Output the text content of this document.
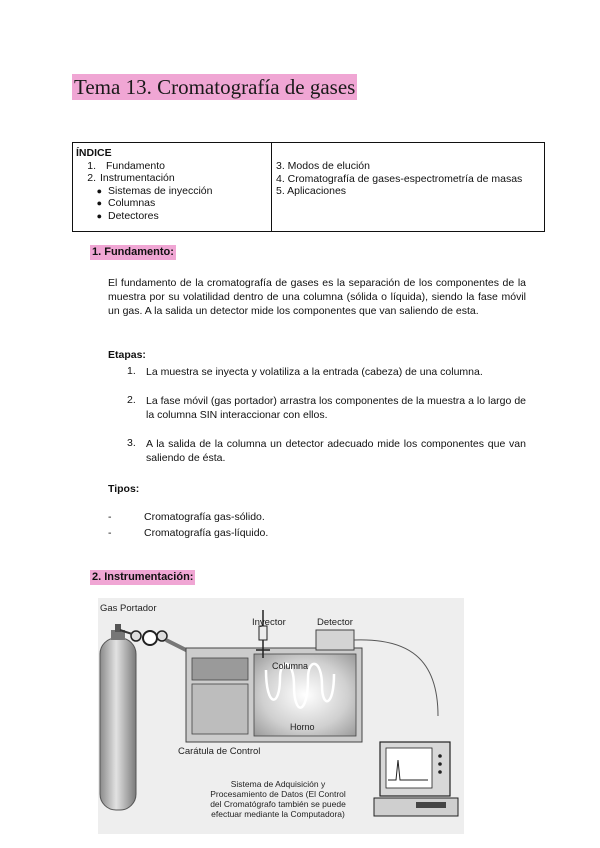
Tema 13. Cromatografía de gases
ÍNDICE
1. Fundamento
2. Instrumentación
● Sistemas de inyección
● Columnas
● Detectores
3. Modos de elución
4. Cromatografía de gases-espectrometría de masas
5. Aplicaciones
1. Fundamento:
El fundamento de la cromatografía de gases es la separación de los componentes de la muestra por su volatilidad dentro de una columna (sólida o líquida), siendo la fase móvil un gas. A la salida un detector mide los componentes que van saliendo de esta.
Etapas:
1. La muestra se inyecta y volatiliza a la entrada (cabeza) de una columna.
2. La fase móvil (gas portador) arrastra los componentes de la muestra a lo largo de la columna SIN interaccionar con ellos.
3. A la salida de la columna un detector adecuado mide los componentes que van saliendo de ésta.
Tipos:
-	Cromatografía gas-sólido.
-	Cromatografía gas-líquido.
2. Instrumentación:
Gas Portador
Inyector	Detector
Columna
Horno
Carátula de Control
Sistema de Adquisición y
Procesamiento de Datos (El Control
del Cromatógrafo también se puede
efectuar mediante la Computadora)
